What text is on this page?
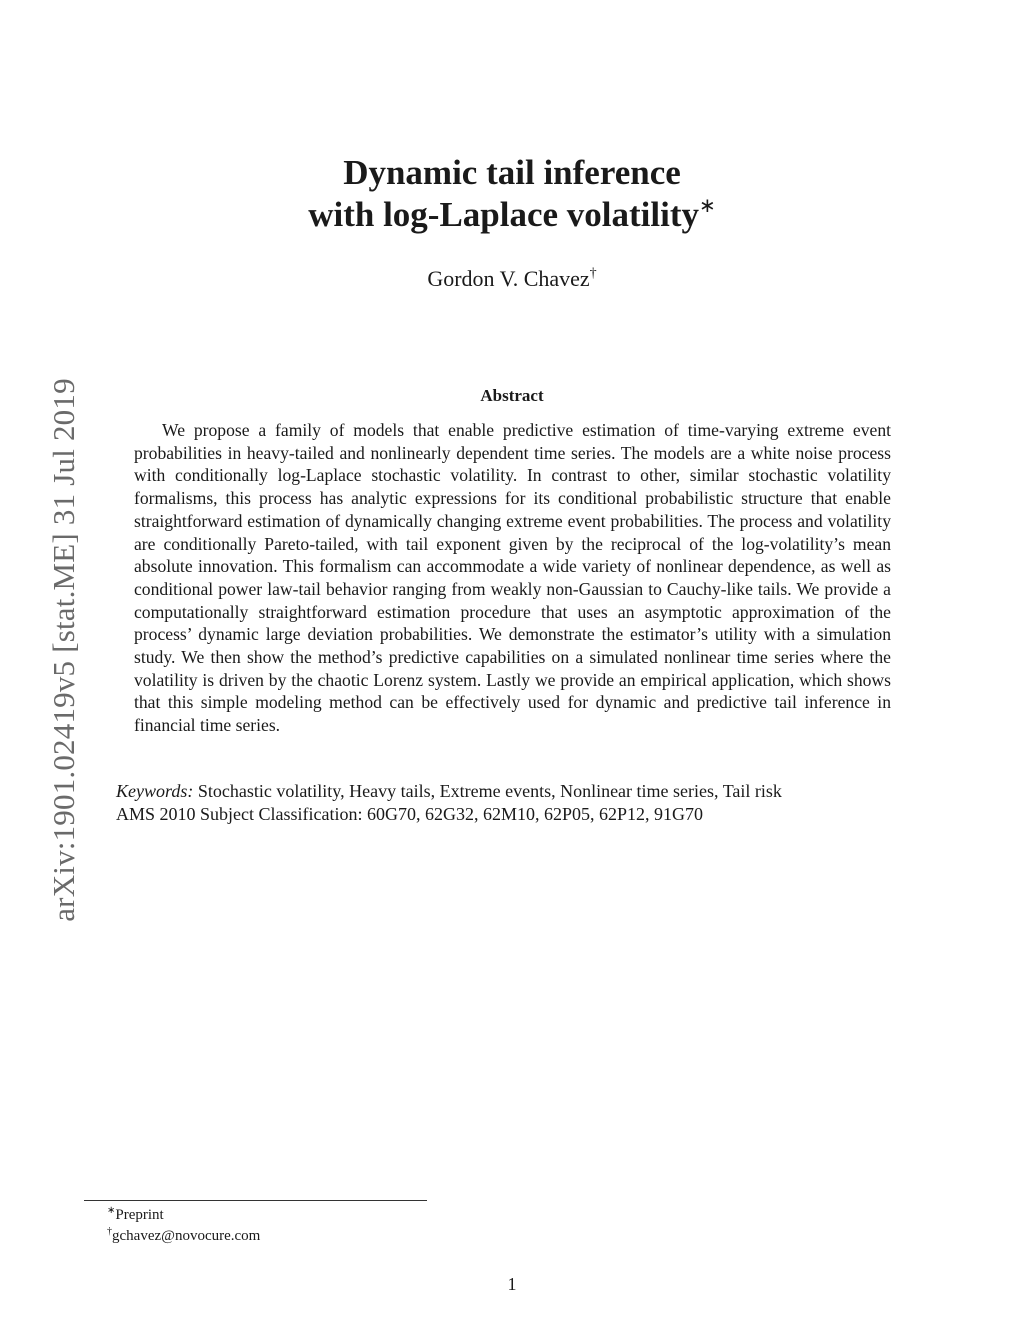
arXiv:1901.02419v5 [stat.ME] 31 Jul 2019
Dynamic tail inference
with log-Laplace volatility∗
Gordon V. Chavez†
Abstract

We propose a family of models that enable predictive estimation of time-varying extreme event probabilities in heavy-tailed and nonlinearly dependent time series. The models are a white noise process with conditionally log-Laplace stochastic volatility. In contrast to other, similar stochastic volatility formalisms, this process has analytic expressions for its conditional probabilistic structure that enable straightforward estimation of dynamically changing extreme event probabilities. The process and volatility are conditionally Pareto-tailed, with tail exponent given by the reciprocal of the log-volatility’s mean absolute innovation. This formalism can accommodate a wide variety of nonlinear dependence, as well as conditional power law-tail behavior ranging from weakly non-Gaussian to Cauchy-like tails. We provide a computationally straightforward estimation procedure that uses an asymptotic approximation of the process’ dynamic large deviation probabilities. We demonstrate the estimator’s utility with a simulation study. We then show the method’s predictive capabilities on a simulated nonlinear time series where the volatility is driven by the chaotic Lorenz system. Lastly we provide an empirical application, which shows that this simple modeling method can be effectively used for dynamic and predictive tail inference in financial time series.

Keywords: Stochastic volatility, Heavy tails, Extreme events, Nonlinear time series, Tail risk
AMS 2010 Subject Classification: 60G70, 62G32, 62M10, 62P05, 62P12, 91G70
∗Preprint
†gchavez@novocure.com
1
